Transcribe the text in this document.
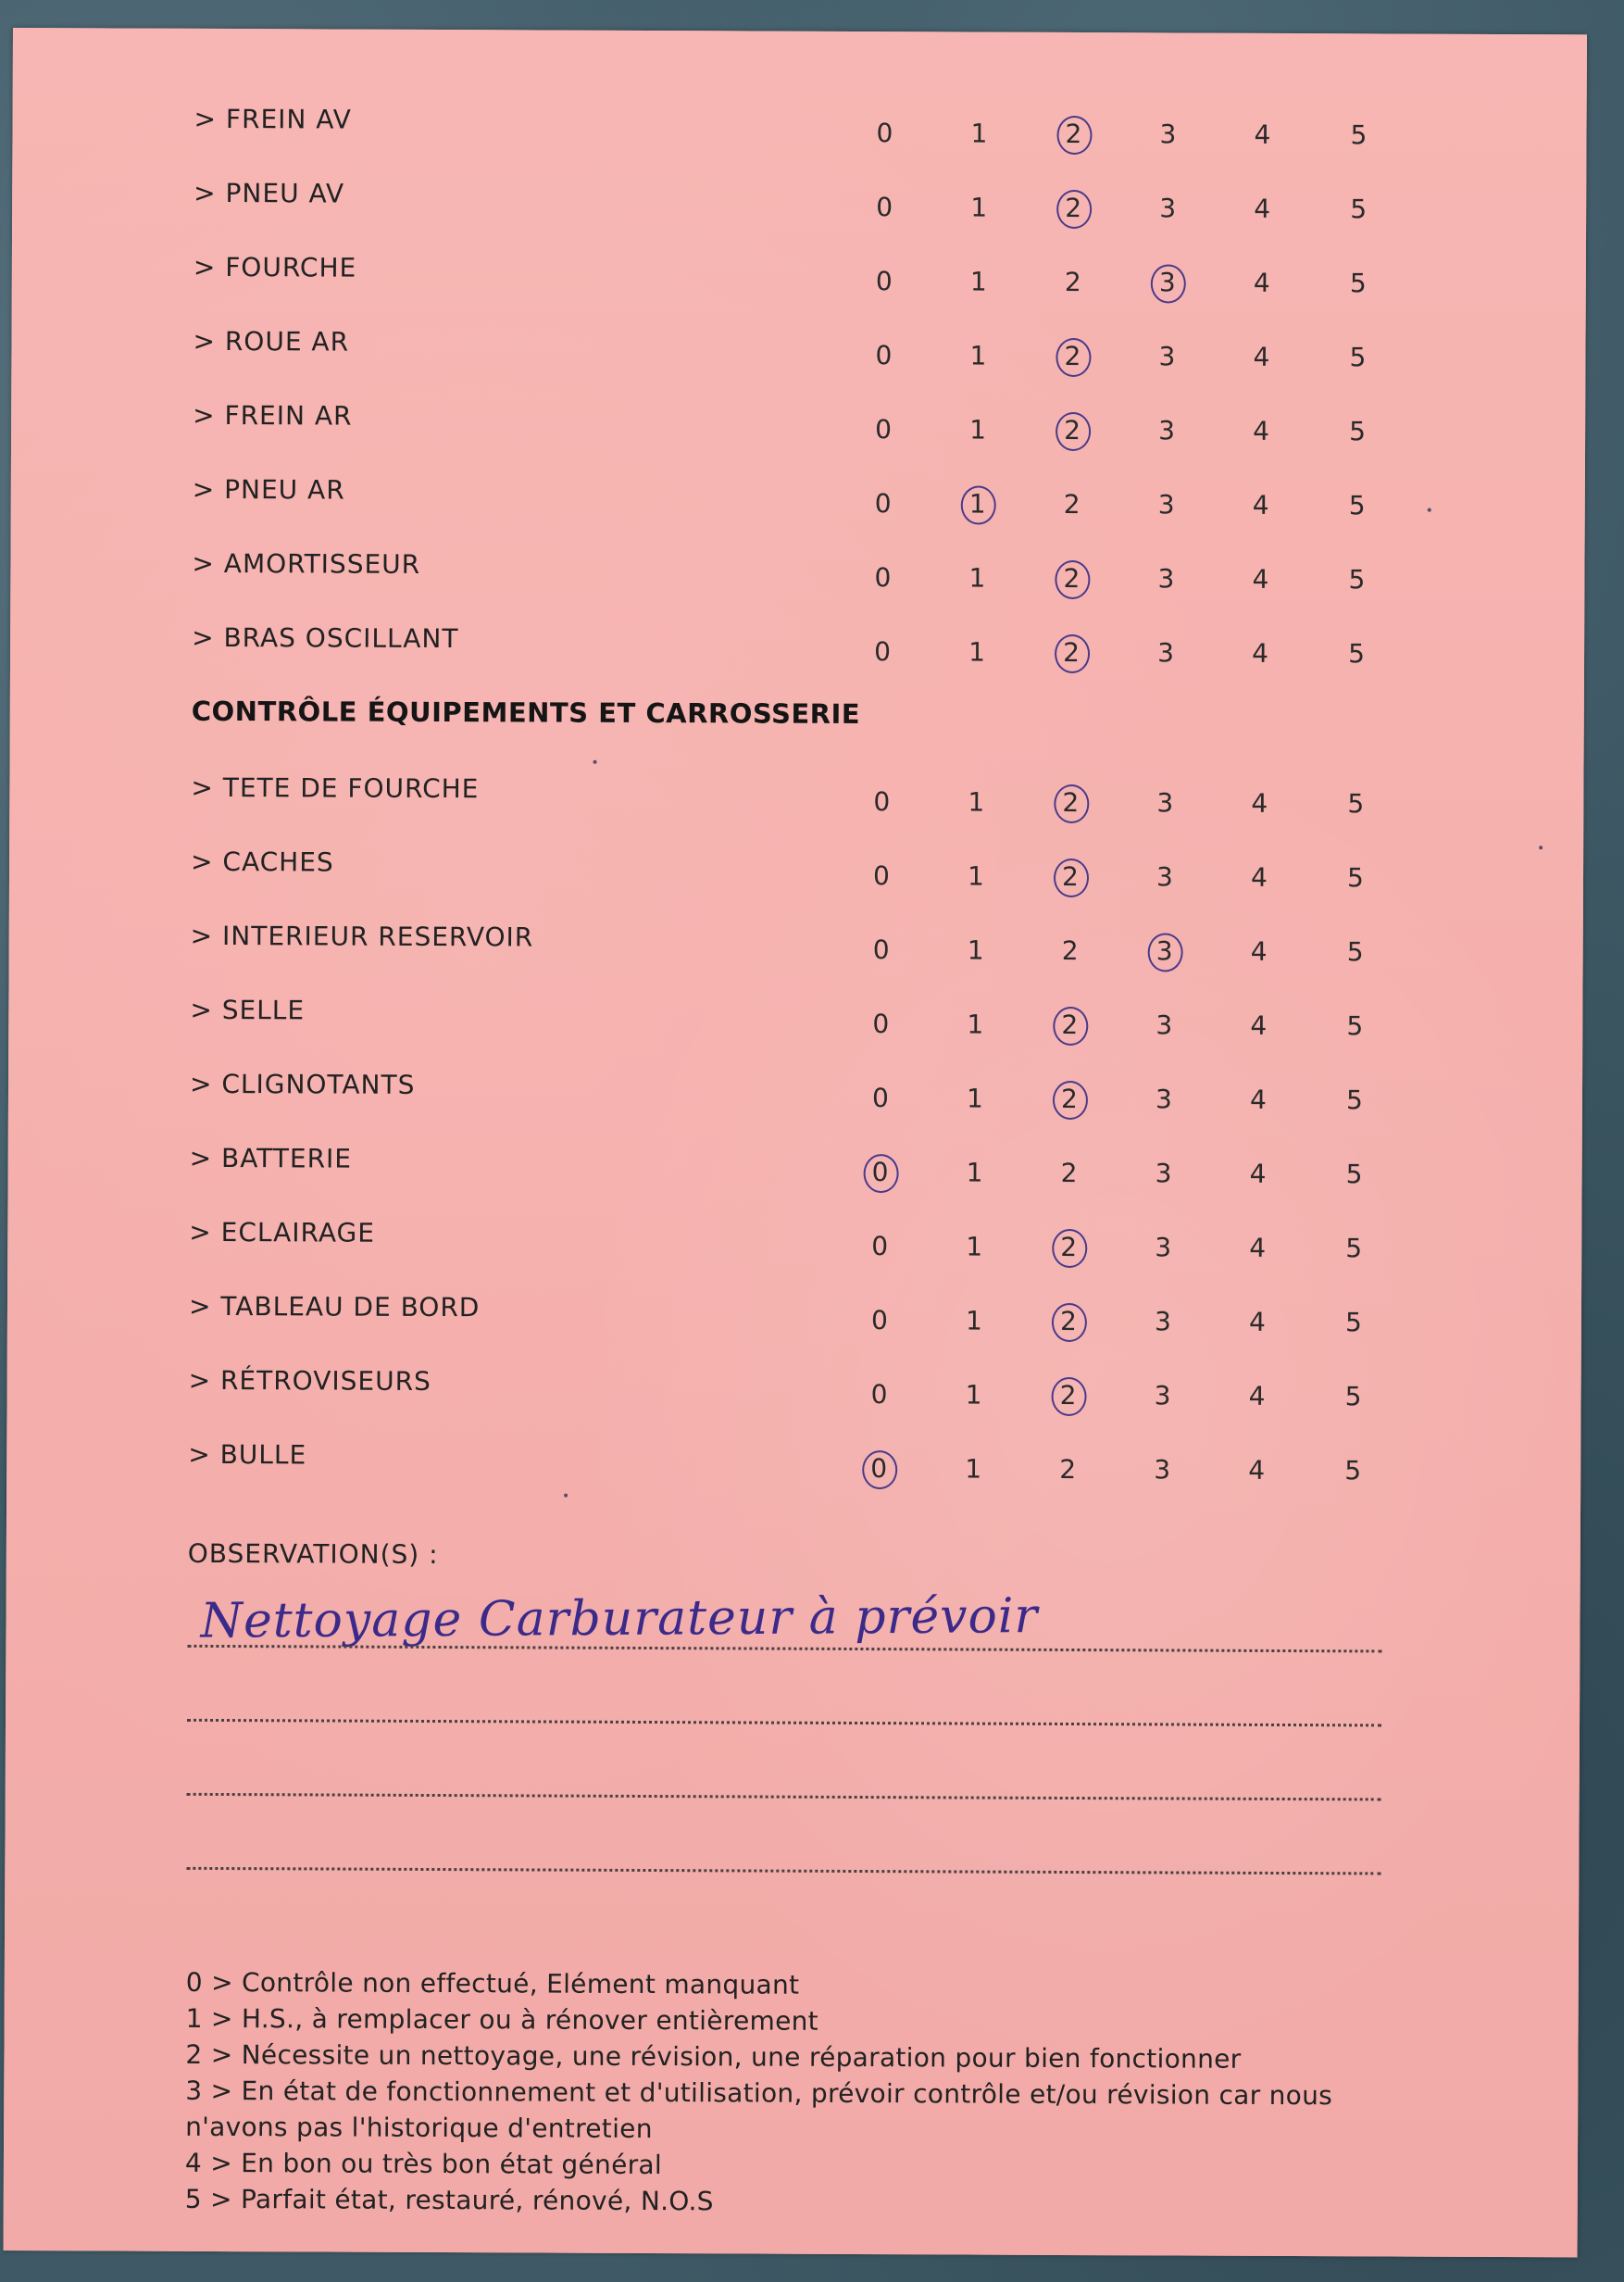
> FREIN AV	0	1	2	3	4	5
> PNEU AV	0	1	2	3	4	5
> FOURCHE	0	1	2	3	4	5
> ROUE AR	0	1	2	3	4	5
> FREIN AR	0	1	2	3	4	5
> PNEU AR	0	1	2	3	4	5
> AMORTISSEUR	0	1	2	3	4	5
> BRAS OSCILLANT	0	1	2	3	4	5
> TETE DE FOURCHE	0	1	2	3	4	5
> CACHES	0	1	2	3	4	5
> INTERIEUR RESERVOIR	0	1	2	3	4	5
> SELLE	0	1	2	3	4	5
> CLIGNOTANTS	0	1	2	3	4	5
> BATTERIE	0	1	2	3	4	5
> ECLAIRAGE	0	1	2	3	4	5
> TABLEAU DE BORD	0	1	2	3	4	5
> RÉTROVISEURS	0	1	2	3	4	5
> BULLE	0	1	2	3	4	5
CONTRÔLE ÉQUIPEMENTS ET CARROSSERIE
OBSERVATION(S) :
Nettoyage Carburateur à prévoir
0 > Contrôle non effectué, Elément manquant
1 > H.S., à remplacer ou à rénover entièrement
2 > Nécessite un nettoyage, une révision, une réparation pour bien fonctionner
3 > En état de fonctionnement et d'utilisation, prévoir contrôle et/ou révision car nous n'avons pas l'historique d'entretien
4 > En bon ou très bon état général
5 > Parfait état, restauré, rénové, N.O.S
